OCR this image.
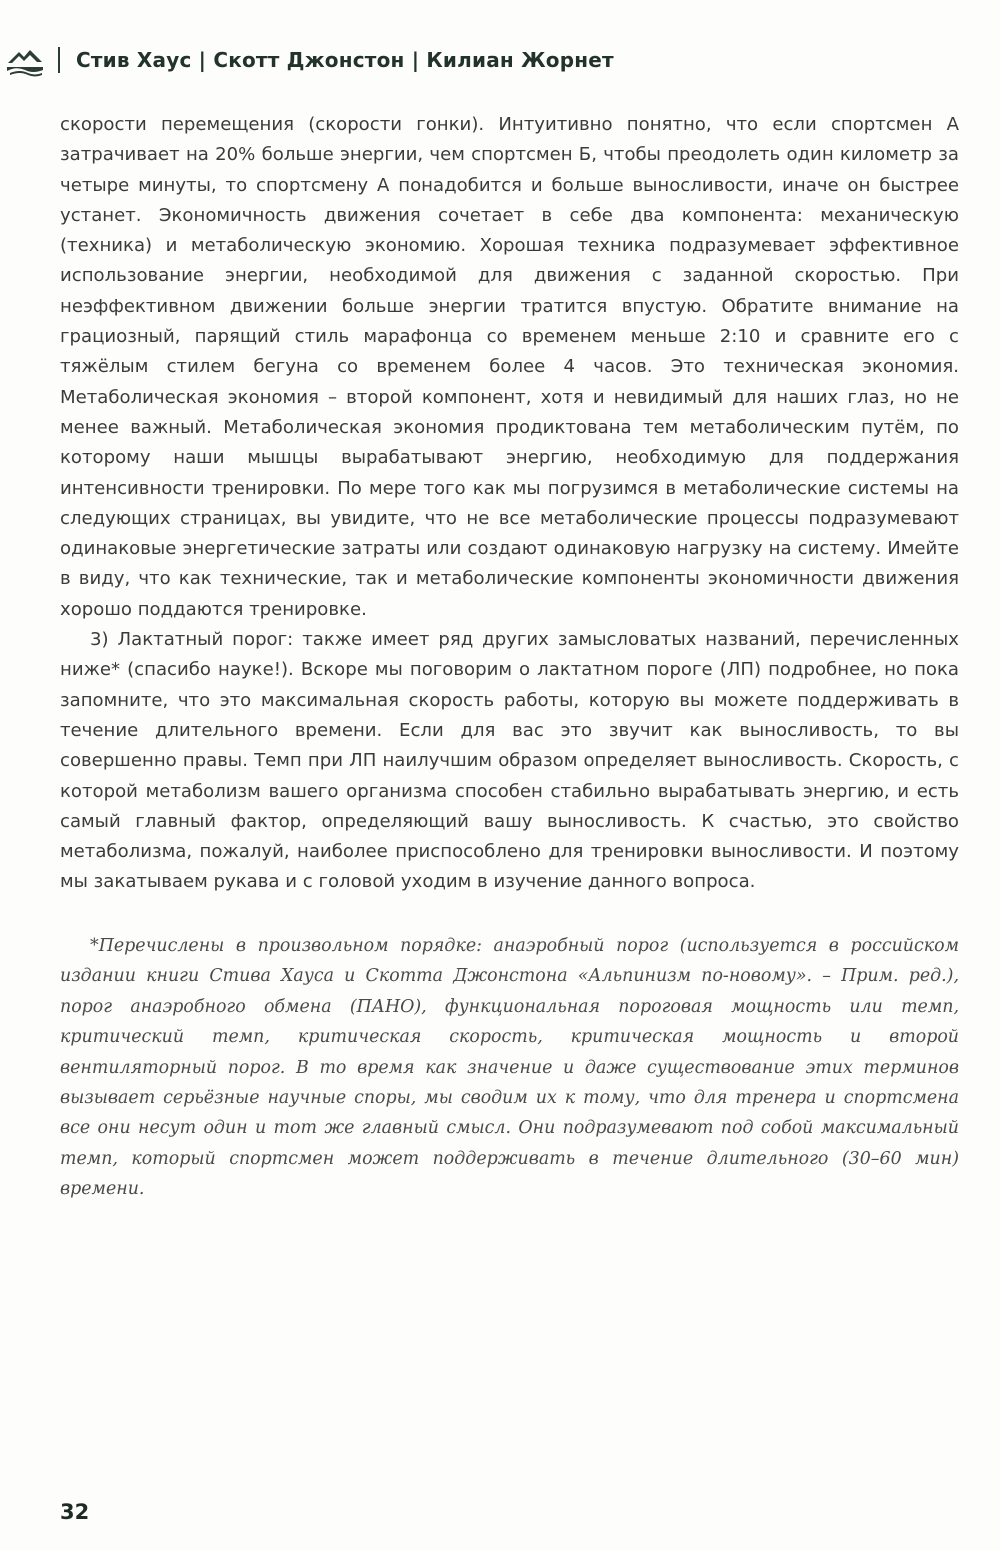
Стив Хаус | Скотт Джонстон | Килиан Жорнет

скорости перемещения (скорости гонки). Интуитивно понятно, что если спортсмен А затрачивает на 20% больше энергии, чем спортсмен Б, чтобы преодолеть один километр за четыре минуты, то спортсмену А понадобится и больше выносливости, иначе он быстрее устанет. Экономичность движения сочетает в себе два компонента: механическую (техника) и метаболическую экономию. Хорошая техника подразумевает эффективное использование энергии, необходимой для движения с заданной скоростью. При неэффективном движении больше энергии тратится впустую. Обратите внимание на грациозный, парящий стиль марафонца со временем меньше 2:10 и сравните его с тяжёлым стилем бегуна со временем более 4 часов. Это техническая экономия. Метаболическая экономия – второй компонент, хотя и невидимый для наших глаз, но не менее важный. Метаболическая экономия продиктована тем метаболическим путём, по которому наши мышцы вырабатывают энергию, необходимую для поддержания интенсивности тренировки. По мере того как мы погрузимся в метаболические системы на следующих страницах, вы увидите, что не все метаболические процессы подразумевают одинаковые энергетические затраты или создают одинаковую нагрузку на систему. Имейте в виду, что как технические, так и метаболические компоненты экономичности движения хорошо поддаются тренировке.

3) Лактатный порог: также имеет ряд других замысловатых названий, перечисленных ниже* (спасибо науке!). Вскоре мы поговорим о лактатном пороге (ЛП) подробнее, но пока запомните, что это максимальная скорость работы, которую вы можете поддерживать в течение длительного времени. Если для вас это звучит как выносливость, то вы совершенно правы. Темп при ЛП наилучшим образом определяет выносливость. Скорость, с которой метаболизм вашего организма способен стабильно вырабатывать энергию, и есть самый главный фактор, определяющий вашу выносливость. К счастью, это свойство метаболизма, пожалуй, наиболее приспособлено для тренировки выносливости. И поэтому мы закатываем рукава и с головой уходим в изучение данного вопроса.

*Перечислены в произвольном порядке: анаэробный порог (используется в российском издании книги Стива Хауса и Скотта Джонстона «Альпинизм по-новому». – Прим. ред.), порог анаэробного обмена (ПАНО), функциональная пороговая мощность или темп, критический темп, критическая скорость, критическая мощность и второй вентиляторный порог. В то время как значение и даже существование этих терминов вызывает серьёзные научные споры, мы сводим их к тому, что для тренера и спортсмена все они несут один и тот же главный смысл. Они подразумевают под собой максимальный темп, который спортсмен может поддерживать в течение длительного (30–60 мин) времени.

32
